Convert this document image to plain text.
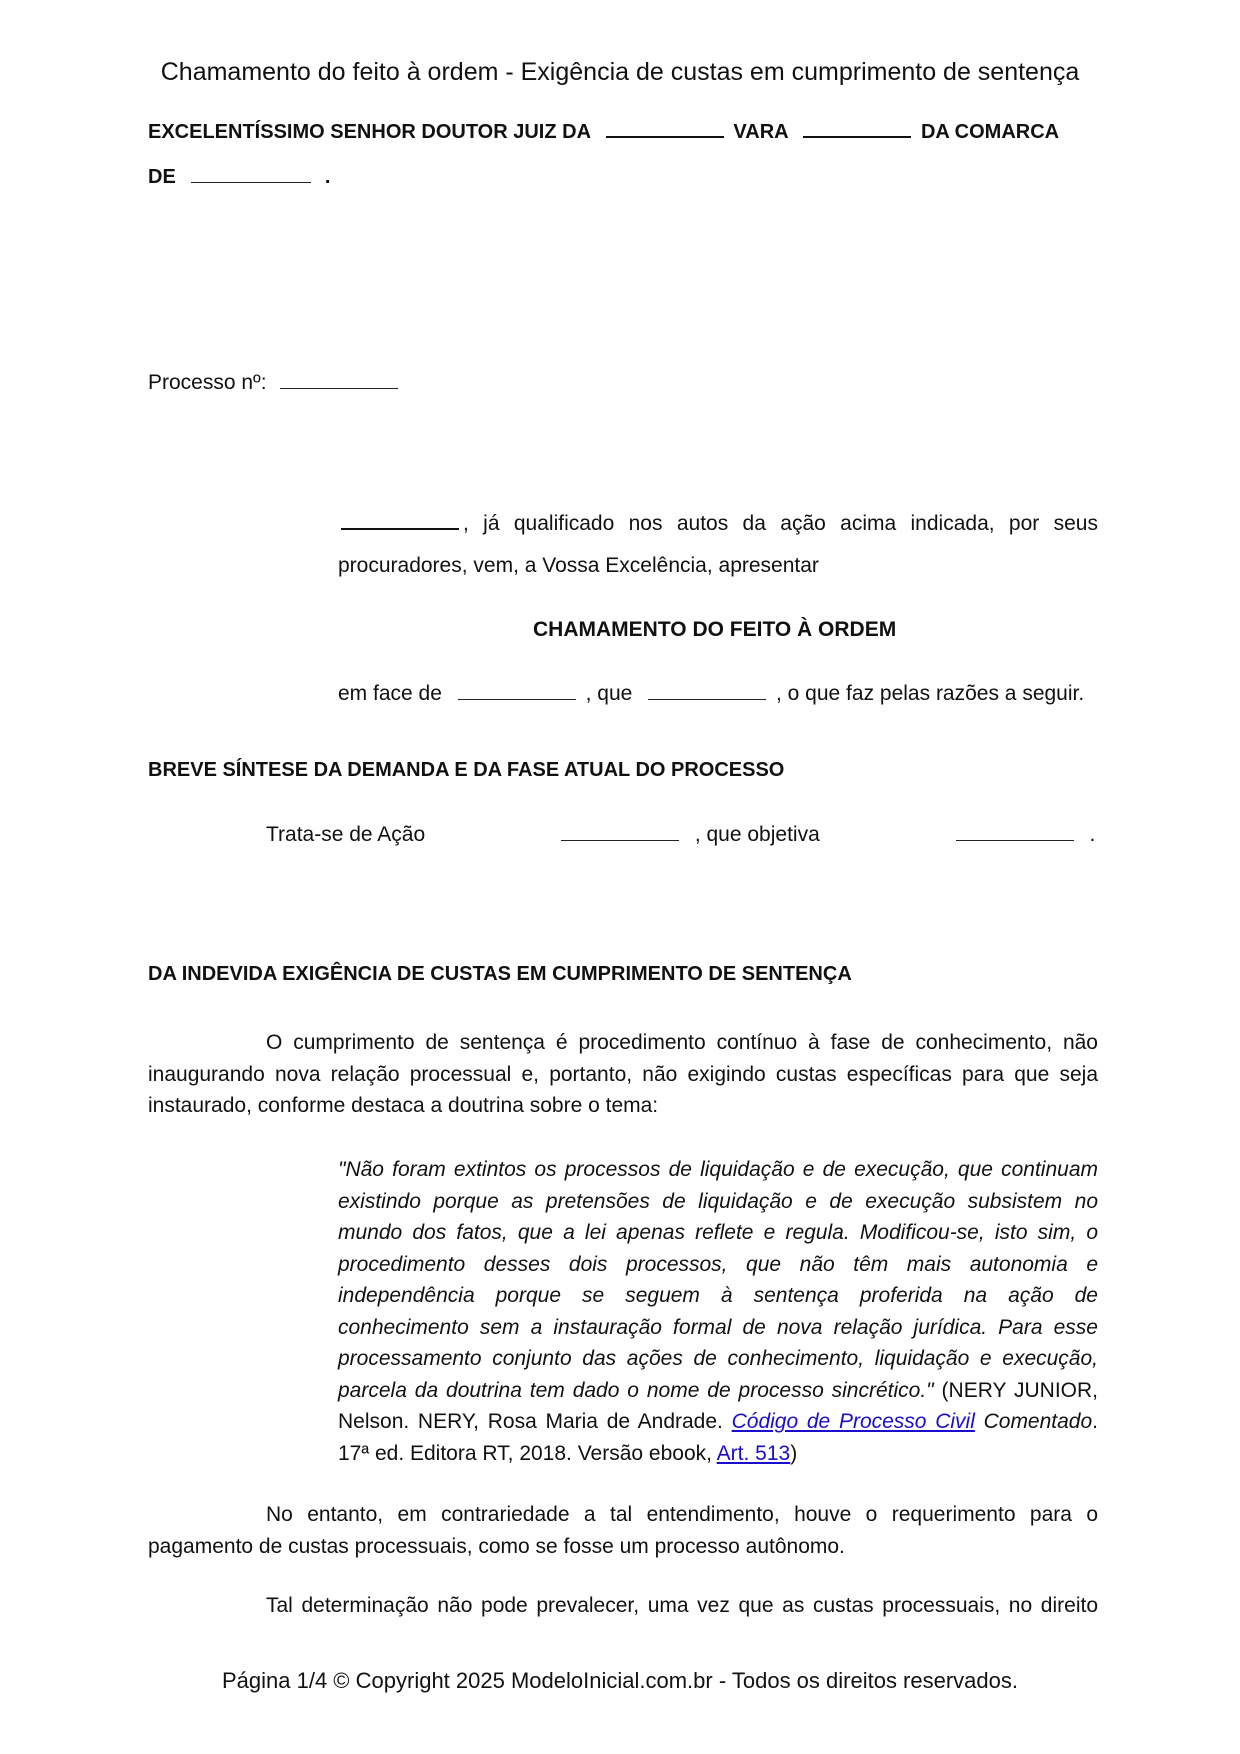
Chamamento do feito à ordem - Exigência de custas em cumprimento de sentença
EXCELENTÍSSIMO SENHOR DOUTOR JUIZ DA	VARA	DA COMARCA
DE	.
Processo nº:
, já qualificado nos autos da ação acima indicada, por seus
procuradores, vem, a Vossa Excelência, apresentar
CHAMAMENTO DO FEITO À ORDEM
em face de	, que	, o que faz pelas razões a seguir.
BREVE SÍNTESE DA DEMANDA E DA FASE ATUAL DO PROCESSO
Trata-se de Ação	, que objetiva	.
DA INDEVIDA EXIGÊNCIA DE CUSTAS EM CUMPRIMENTO DE SENTENÇA

O cumprimento de sentença é procedimento contínuo à fase de conhecimento, não inaugurando nova relação processual e, portanto, não exigindo custas específicas para que seja instaurado, conforme destaca a doutrina sobre o tema:

"Não foram extintos os processos de liquidação e de execução, que continuam existindo porque as pretensões de liquidação e de execução subsistem no mundo dos fatos, que a lei apenas reflete e regula. Modificou-se, isto sim, o procedimento desses dois processos, que não têm mais autonomia e independência porque se seguem à sentença proferida na ação de conhecimento sem a instauração formal de nova relação jurídica. Para esse processamento conjunto das ações de conhecimento, liquidação e execução, parcela da doutrina tem dado o nome de processo sincrético." (NERY JUNIOR, Nelson. NERY, Rosa Maria de Andrade. Código de Processo Civil Comentado. 17ª ed. Editora RT, 2018. Versão ebook, Art. 513)

No entanto, em contrariedade a tal entendimento, houve o requerimento para o pagamento de custas processuais, como se fosse um processo autônomo.

Tal determinação não pode prevalecer, uma vez que as custas processuais, no direito

Página 1/4 © Copyright 2025 ModeloInicial.com.br - Todos os direitos reservados.
